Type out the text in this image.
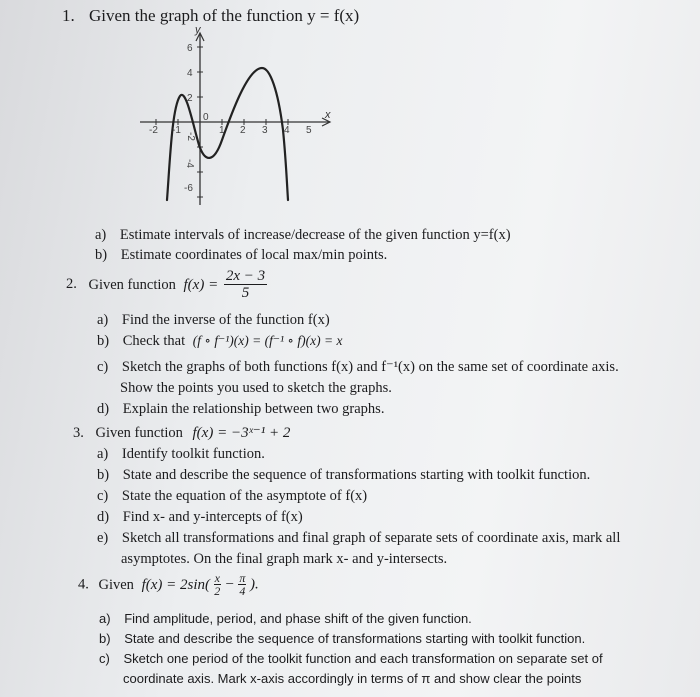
1. Given the graph of the function y = f(x)
y
x
6
4
2
-2
-4
-6
-2 -1
0
1 2 3 4 5
a) Estimate intervals of increase/decrease of the given function y=f(x)
b) Estimate coordinates of local max/min points.
2. Given function $f(x) = \frac{2x - 3}{5}$
a) Find the inverse of the function f(x)
b) Check that (f ∘ f⁻¹)(x) = (f⁻¹ ∘ f)(x) = x
c) Sketch the graphs of both functions f(x) and f⁻¹(x) on the same set of coordinate axis.
Show the points you used to sketch the graphs.
d) Explain the relationship between two graphs.
3. Given function f(x) = −3ˣ⁻¹ + 2
a) Identify toolkit function.
b) State and describe the sequence of transformations starting with toolkit function.
c) State the equation of the asymptote of f(x)
d) Find x- and y-intercepts of f(x)
e) Sketch all transformations and final graph of separate sets of coordinate axis, mark all
asymptotes. On the final graph mark x- and y-intersects.
4. Given $f(x) = 2\sin( \frac{x}{2} - \frac{\pi}{4}$ ).
a) Find amplitude, period, and phase shift of the given function.
b) State and describe the sequence of transformations starting with toolkit function.
c) Sketch one period of the toolkit function and each transformation on separate set of
coordinate axis. Mark x-axis accordingly in terms of π and show clear the points
